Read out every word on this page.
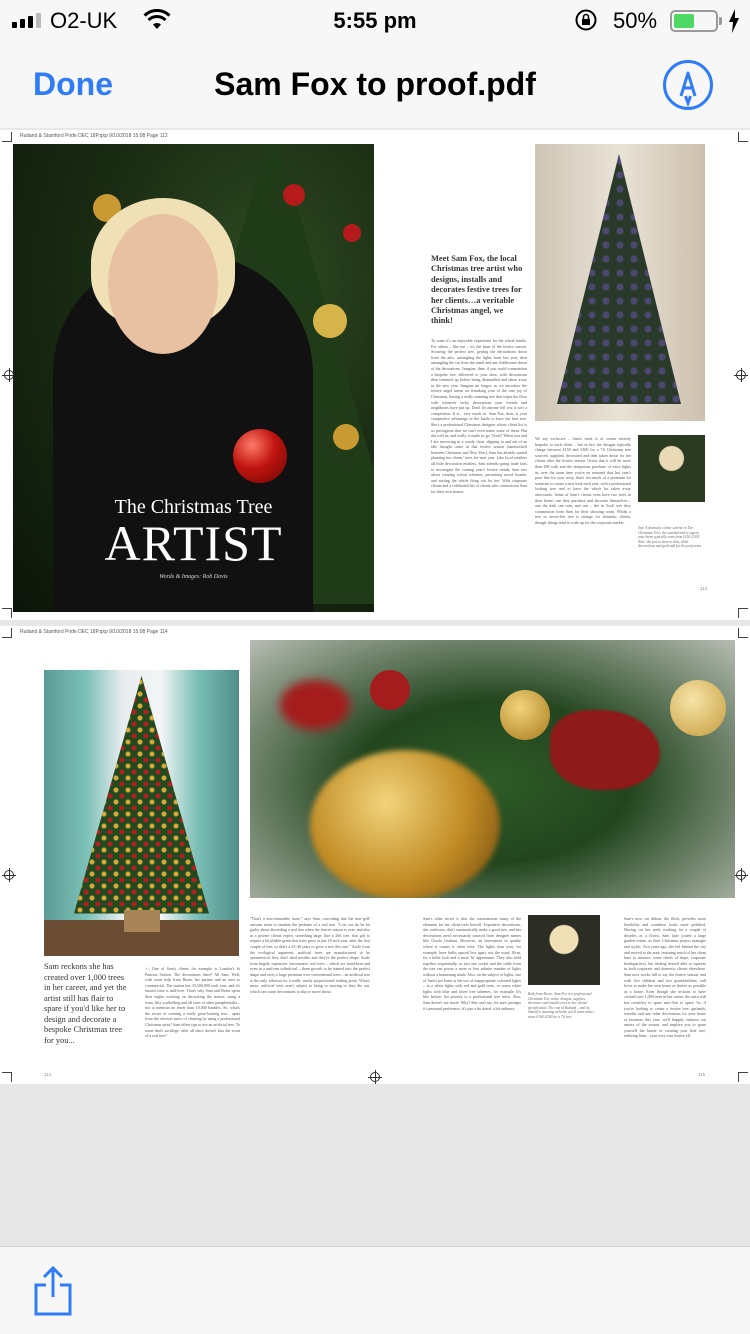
O2-UK	5:55 pm	50%
Done	Sam Fox to proof.pdf
Rutland & Stamford Pride DEC 18P.qxp 9/10/2018 15:08 Page 112
The Christmas Tree
ARTIST
Words & Images: Rob Davis
Meet Sam Fox, the local Christmas tree artist who designs, installs and decorates festive trees for her clients…a veritable Christmas angel, we think!
To some it's an enjoyable experience for the whole family. For others – like me – it's the bane of the festive season. Scouring the perfect tree, getting the decorations down from the attic, untangling the lights from last year, then untangling the cat from the tinsel and any fiddlesome threat of the decorations. Imagine, then, if you could commission a bespoke tree, delivered to your door, with decorations then trimmed up before being dismantled and taken away in the new year. Imagine no longer, as we introduce the festive angel intent on remaking your of the true joy of Christmas, having a really stunning tree that wipes the floor with whatever tacky decorations your friends and neighbours have put up. Don't let anyone tell you it isn't a competition. It is... very much so. Sam Fox, then, is your competitive advantage in the battle to have the best tree. She's a professional Christmas designer whose client list is so prestigious that we can't even name some of them. But she told us, and really, it made us go 'Oooh!' When you and I are traversing in a comfy chair, slipping in and out of an idle thought come in that festive season (sandwiched between Christmas and New Year), Sam has already started planning her clients' trees for next year. Like local retailers all little decoration retailers, Sam attends spring trade fairs to investigate the coming year's festive trends; then sets about creating colour schemes, permitting mood boards, and sorting the whole thing out for her. With corporate clients and a celebrated list of clients who commission Sam for their own homes.
We say exclusive – Sam's work is of course entirely bespoke to each client – but in fact the designs typically charge between £150 and £300 for a 7ft Christmas tree sourced, supplied, decorated and then taken down for her clients after the festive season. Given that it will be more than £80 with and the ubiquitous purchase of extra lights in, over the same time you're on returned that last year's poor line for your story, that's not much of a premium for someone to create a new look each year, with a professional looking tree and to have the whole lot taken away afterwards. Some of Sam's clients even have two trees in their home; one they purchase and decorate themselves – one the kids can ruin, and one – the in 'look' tree they commission from Sam for their showing room. Whilst a tree or never-fret tree is strange for domestic clients, though, things tend to scale up for the corporate market.
Top: A dramatic colour scheme in The Christmas Tree; the scandal and to sign in your home typically costs from £150–£300. Note: the prices have to that, while decorations and guilt add for the profession.
113
Rutland & Stamford Pride DEC 18P.qxp 9/10/2018 15:08 Page 114
Sam reckons she has created over 1,000 trees in her career, and yet the artist still has flair to spare if you'd like her to design and decorate a bespoke Christmas tree for you...
>> One of Sam's clients for example is London's St Pancras Station. The decorations there? All Sam. Well, with some help from Beata, her partner and an area as commercial. The station has 33,500,000 each year, and it's busiest time is mid-love. That's why Sam and Beata spent their nights working on decorating the station, using a team, lifty scaffolding and all sorts of other paraphernalia – not to mention no fewer than 10,000 baubles. So, what's the secret of creating a really great-looking tree... apart from the obvious tactic of cheating by using a professional Christmas artist? Sam offers tips to use an artificial tree. To some that's sacrilege, after all since doesn't kiss the scent of a real tree?
"That's a non-returnable issue," says Sam, conceding that the non-'gelf' artisans seem to emulate the perfume of a real tree. "Lots can do be bit guilty about discarding a real tree when the festive season is over, and also in a private clients expect something large, like a 20ft tree, that gift to require a bit pliable green that trees grow at just 18 inch year, after the first couple of feet, so that's a 25-40 years to grow a tree this size." Aside from the ecological argument, artificial trees are manufactured to be symmetrical, they don't shed needles and they're the perfect shape. Aside from hugely expensive 'uncommon' real trees – which are hand-bent and even in a uniform cylindrical – there growth to be trained into the perfect shape and carry a large premium over conventional trees – an artificial tree is the only solution for a really sturdy proportioned trading point. What's more, artificial trees aren't subject to being or moving or they die out, which can cause decorations to slip or move about.
Sam's other secret is that she commissions many of the elements for her client trees herself. Expensive decorations, she confesses, don't automatically make a good tree, and her decorations aren't necessarily sourced from designer names like Gisela Graham. However, an investment in quality where it counts is often wise. The lights Sam uses, for example, have bulbs spaced less apart, not the usual 10cm, for a fuller look and a more 'lit' appearance. They also hold together sequentially, so just one socket and the cable from the tree can power a more or less infinite number of lights without a hamstrung trunk. Also, on the subject of lights, one of Sam's pet hates is the use of inappropriate coloured lights – in a white lights with red and gold trees, or warm white lights with blue and silver tree schemes, for example. It's like before: list priority to a professional tree artist. Also, Sam doesn't use tinsel. Why? She can't say, for sure, perhaps it's personal preference, it's just a bit dated, a bit ordinary.
Both from Above: Sam Fox is a professional Christmas Tree artist: designs, supplies, decorates and installs trees to her clients' specification. The cost of Rutland – and do himself a stunning at-home you'll want reduce some £300–£500 for a 7ft tree.
Sam's now cut ribbon, the flock, provides more flexibility and somehow looks more polished. Having cut her teeth working for a couple of decades as a florist, Sam later joined a large garden centre, as their Christmas project manager and stylist. Two years ago, she left behind the city and moved to the area, retaining much of her client base (a mixture, some chiefs of ships, corporate headquarters), but finding herself able to squeeze in both corporate and domestic clients elsewhere. Sam now works full to say the festive season, and with five children and two grandchildren, still loves to make her own home as festive as possible as a home. Even though she reckons to have created over 1,000 trees in her career, the artist still has creativity to spare and flair to spare. So, if you're looking to create a festive tree, garlands, wreaths and any other decorations for your home or business this year, we'll happily endorse our unisex of the season, and implore you to spare yourself the hassle of creating your best tree, enlisting Sam... your very own festive elf.
114	115
